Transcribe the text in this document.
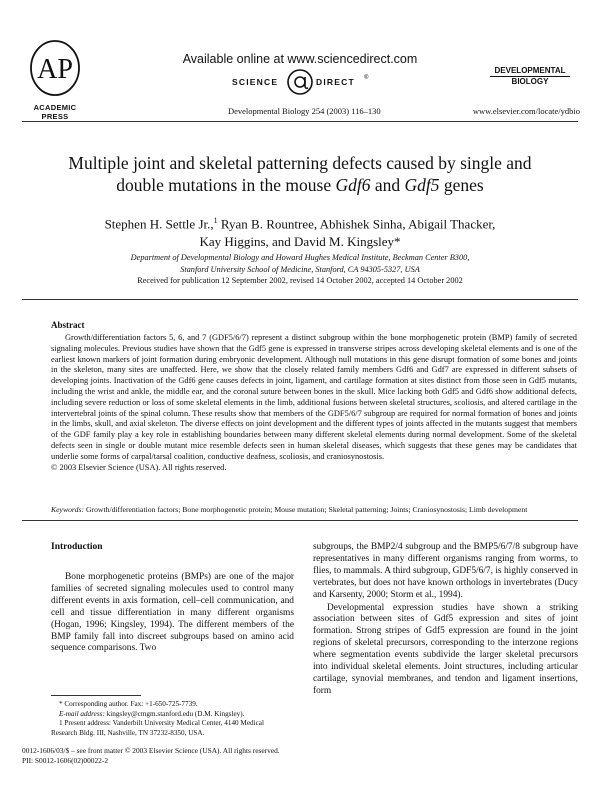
AP
ACADEMIC
PRESS
Available online at www.sciencedirect.com
SCIENCE	DIRECT ®
DEVELOPMENTAL
BIOLOGY
Developmental Biology 254 (2003) 116–130	www.elsevier.com/locate/ydbio
Multiple joint and skeletal patterning defects caused by single and
double mutations in the mouse Gdf6 and Gdf5 genes
Stephen H. Settle Jr.,$^1$ Ryan B. Rountree, Abhishek Sinha, Abigail Thacker,
Kay Higgins, and David M. Kingsley*
Department of Developmental Biology and Howard Hughes Medical Institute, Beckman Center B300,
Stanford University School of Medicine, Stanford, CA 94305-5327, USA
Received for publication 12 September 2002, revised 14 October 2002, accepted 14 October 2002
Abstract

Growth/differentiation factors 5, 6, and 7 (GDF5/6/7) represent a distinct subgroup within the bone morphogenetic protein (BMP) family of secreted signaling molecules. Previous studies have shown that the Gdf5 gene is expressed in transverse stripes across developing skeletal elements and is one of the earliest known markers of joint formation during embryonic development. Although null mutations in this gene disrupt formation of some bones and joints in the skeleton, many sites are unaffected. Here, we show that the closely related family members Gdf6 and Gdf7 are expressed in different subsets of developing joints. Inactivation of the Gdf6 gene causes defects in joint, ligament, and cartilage formation at sites distinct from those seen in Gdf5 mutants, including the wrist and ankle, the middle ear, and the coronal suture between bones in the skull. Mice lacking both Gdf5 and Gdf6 show additional defects, including severe reduction or loss of some skeletal elements in the limb, additional fusions between skeletal structures, scoliosis, and altered cartilage in the intervertebral joints of the spinal column. These results show that members of the GDF5/6/7 subgroup are required for normal formation of bones and joints in the limbs, skull, and axial skeleton. The diverse effects on joint development and the different types of joints affected in the mutants suggest that members of the GDF family play a key role in establishing boundaries between many different skeletal elements during normal development. Some of the skeletal defects seen in single or double mutant mice resemble defects seen in human skeletal diseases, which suggests that these genes may be candidates that underlie some forms of carpal/tarsal coalition, conductive deafness, scoliosis, and craniosynostosis.

© 2003 Elsevier Science (USA). All rights reserved.

Keywords: Growth/differentiation factors; Bone morphogenetic protein; Mouse mutation; Skeletal patterning; Joints; Craniosynostosis; Limb development
Introduction

Bone morphogenetic proteins (BMPs) are one of the major families of secreted signaling molecules used to control many different events in axis formation, cell–cell communication, and cell and tissue differentiation in many different organisms (Hogan, 1996; Kingsley, 1994). The different members of the BMP family fall into discreet subgroups based on amino acid sequence comparisons. Two

subgroups, the BMP2/4 subgroup and the BMP5/6/7/8 subgroup have representatives in many different organisms ranging from worms, to flies, to mammals. A third subgroup, GDF5/6/7, is highly conserved in vertebrates, but does not have known orthologs in invertebrates (Ducy and Karsenty, 2000; Storm et al., 1994).

Developmental expression studies have shown a striking association between sites of Gdf5 expression and sites of joint formation. Strong stripes of Gdf5 expression are found in the joint regions of skeletal precursors, corresponding to the interzone regions where segmentation events subdivide the larger skeletal precursors into individual skeletal elements. Joint structures, including articular cartilage, synovial membranes, and tendon and ligament insertions, form

* Corresponding author. Fax: +1-650-725-7739.
E-mail address: kingsley@cmgm.stanford.edu (D.M. Kingsley).
1 Present address: Vanderbilt University Medical Center, 4140 Medical
Research Bldg. III, Nashville, TN 37232-8350, USA.
0012-1606/03/$ – see front matter © 2003 Elsevier Science (USA). All rights reserved.
PII: S0012-1606(02)00022-2
